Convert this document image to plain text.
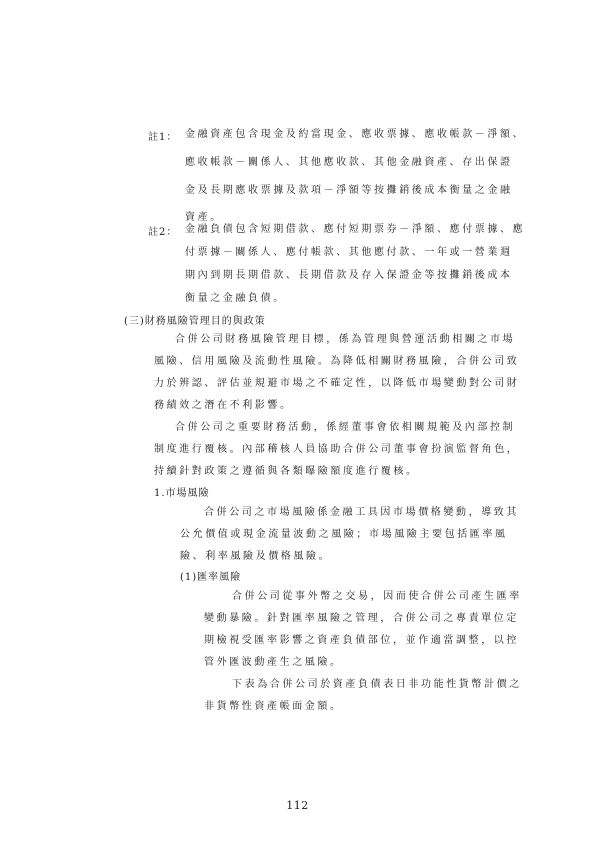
註1： 金融資產包含現金及約當現金、應收票據、應收帳款－淨額、
應收帳款－關係人、其他應收款、其他金融資產、存出保證
金及長期應收票據及款項－淨額等按攤銷後成本衡量之金融
資產。
註2： 金融負債包含短期借款、應付短期票券－淨額、應付票據、應
付票據－關係人、應付帳款、其他應付款、一年或一營業週
期內到期長期借款、長期借款及存入保證金等按攤銷後成本
衡量之金融負債。
(三)財務風險管理目的與政策
合併公司財務風險管理目標，係為管理與營運活動相關之市場
風險、信用風險及流動性風險。為降低相關財務風險，合併公司致
力於辨認、評估並規避市場之不確定性，以降低市場變動對公司財
務績效之潛在不利影響。
合併公司之重要財務活動，係經董事會依相關規範及內部控制
制度進行覆核。內部稽核人員協助合併公司董事會扮演監督角色，
持續針對政策之遵循與各類曝險額度進行覆核。
1.市場風險
合併公司之市場風險係金融工具因市場價格變動，導致其
公允價值或現金流量波動之風險；市場風險主要包括匯率風
險、利率風險及價格風險。
(1)匯率風險
合併公司從事外幣之交易，因而使合併公司產生匯率
變動暴險。針對匯率風險之管理，合併公司之專責單位定
期檢視受匯率影響之資產負債部位，並作適當調整，以控
管外匯波動產生之風險。
下表為合併公司於資產負債表日非功能性貨幣計價之
非貨幣性資產帳面金額。
112
